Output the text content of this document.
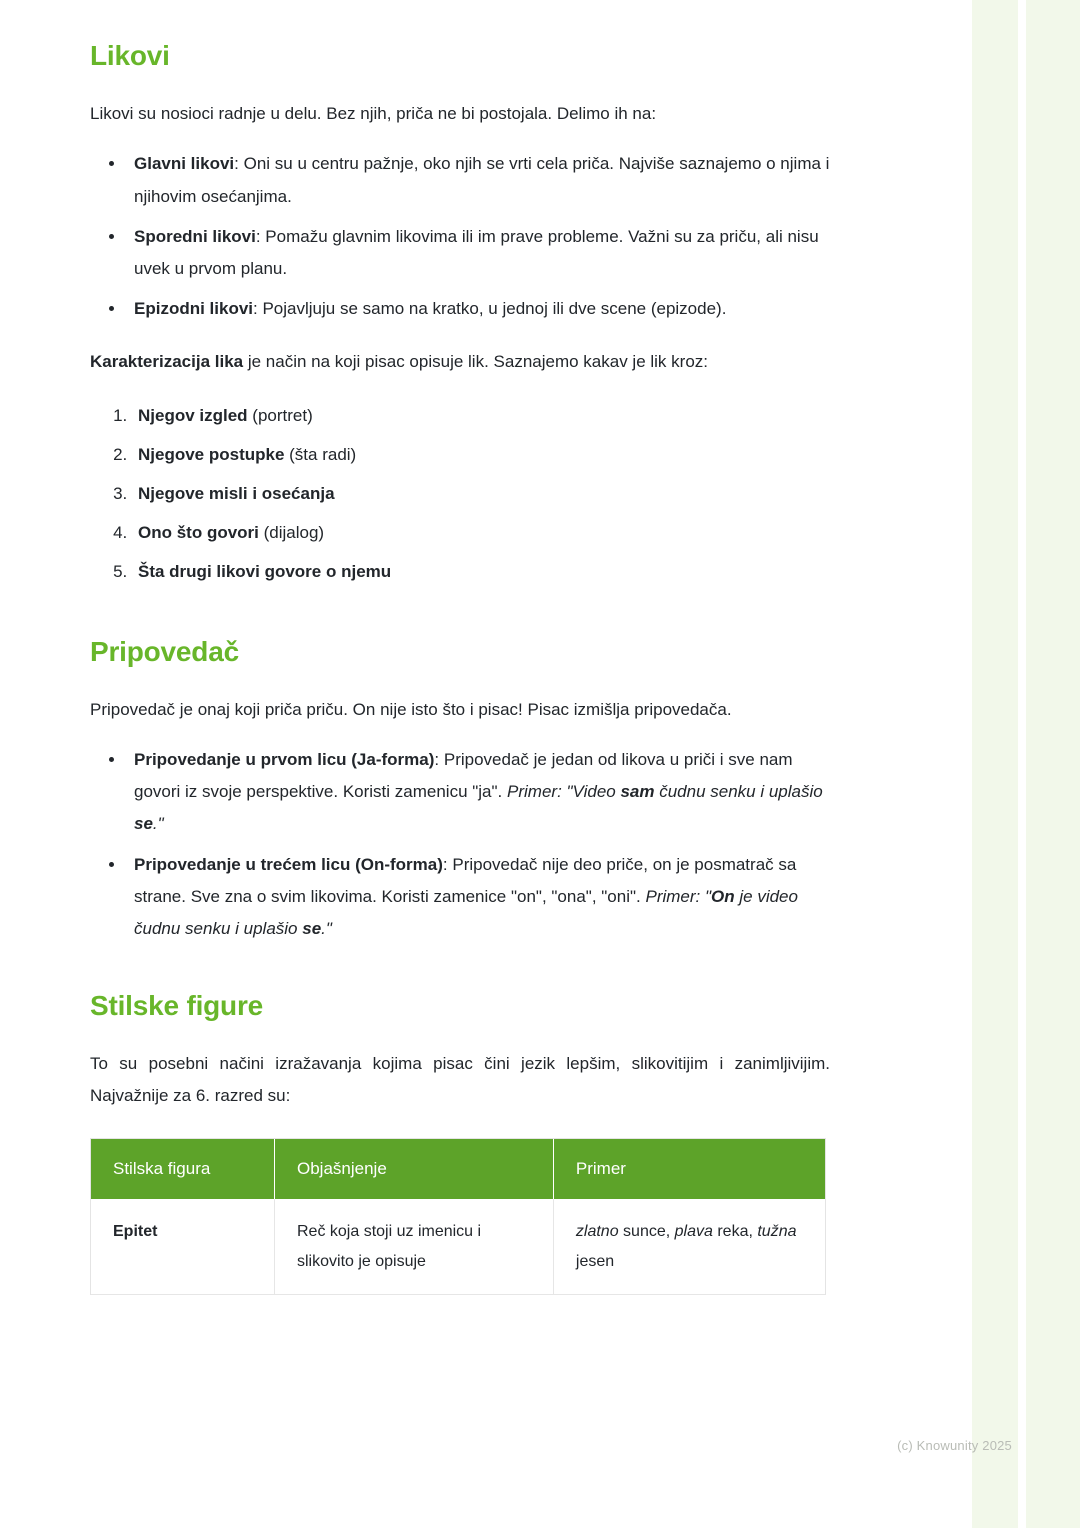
Likovi

Likovi su nosioci radnje u delu. Bez njih, priča ne bi postojala. Delimo ih na:

• Glavni likovi: Oni su u centru pažnje, oko njih se vrti cela priča. Najviše saznajemo o njima i njihovim osećanjima.
• Sporedni likovi: Pomažu glavnim likovima ili im prave probleme. Važni su za priču, ali nisu uvek u prvom planu.
• Epizodni likovi: Pojavljuju se samo na kratko, u jednoj ili dve scene (epizode).

Karakterizacija lika je način na koji pisac opisuje lik. Saznajemo kakav je lik kroz:

1. Njegov izgled (portret)
2. Njegove postupke (šta radi)
3. Njegove misli i osećanja
4. Ono što govori (dijalog)
5. Šta drugi likovi govore o njemu
Pripovedač

Pripovedač je onaj koji priča priču. On nije isto što i pisac! Pisac izmišlja pripovedača.

• Pripovedanje u prvom licu (Ja-forma): Pripovedač je jedan od likova u priči i sve nam govori iz svoje perspektive. Koristi zamenicu "ja". Primer: "Video sam čudnu senku i uplašio se."
• Pripovedanje u trećem licu (On-forma): Pripovedač nije deo priče, on je posmatrač sa strane. Sve zna o svim likovima. Koristi zamenice "on", "ona", "oni". Primer: "On je video čudnu senku i uplašio se."
Stilske figure

To su posebni načini izražavanja kojima pisac čini jezik lepšim, slikovitijim i zanimljivijim. Najvažnije za 6. razred su:

Stilska figura	Objašnjenje	Primer
Epitet	Reč koja stoji uz imenicu i slikovito je opisuje	zlatno sunce, plava reka, tužna jesen
(c) Knowunity 2025
